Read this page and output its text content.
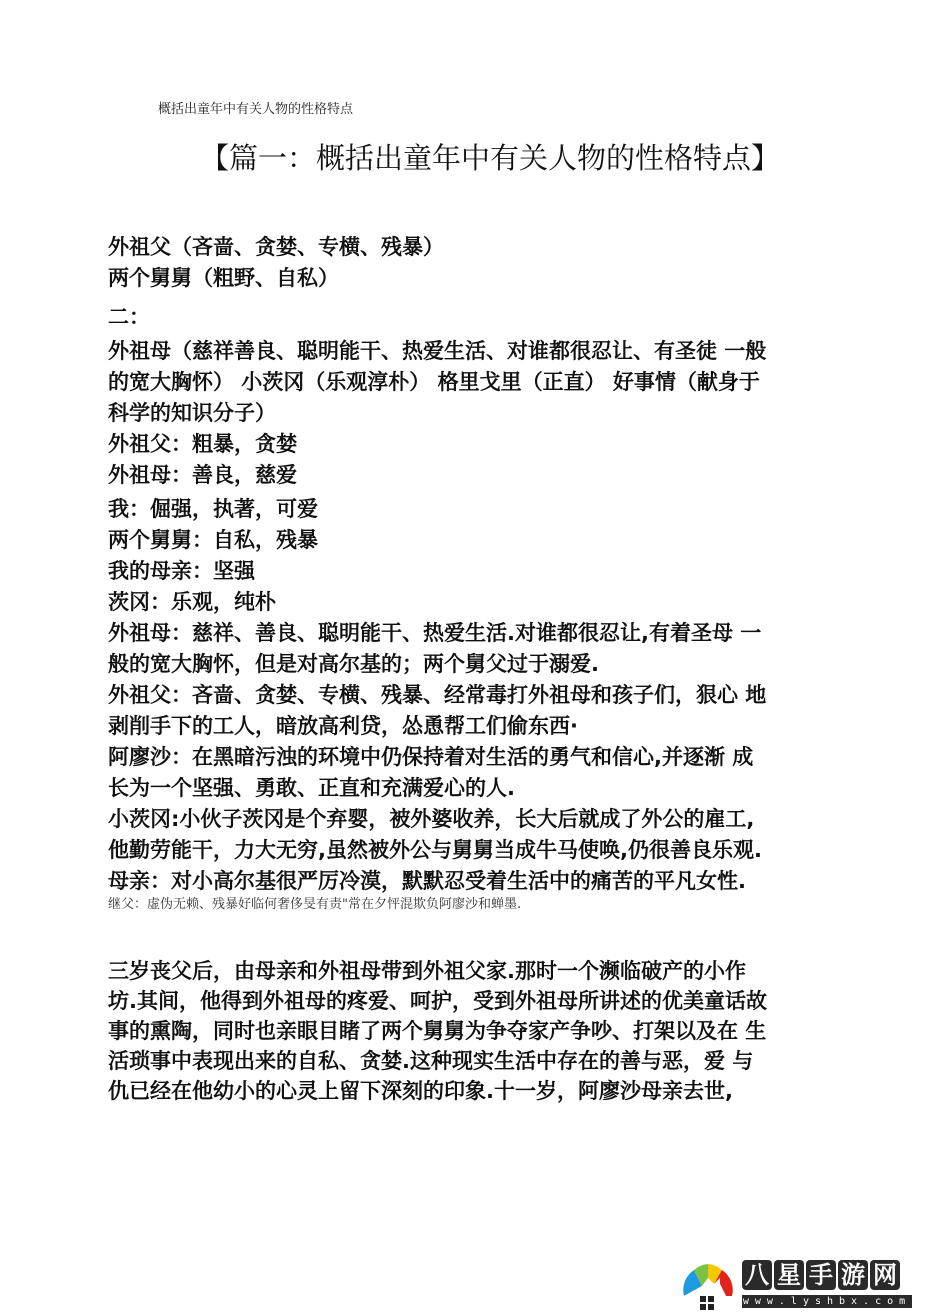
概括出童年中有关人物的性格特点
【篇一：概括出童年中有关人物的性格特点】
外祖父（吝啬、贪婪、专横、残暴）
两个舅舅（粗野、自私）
二：
外祖母（慈祥善良、聪明能干、热爱生活、对谁都很忍让、有圣徒 一般
的宽大胸怀） 小茨冈（乐观淳朴） 格里戈里（正直） 好事情（献身于
科学的知识分子）
外祖父：粗暴，贪婪
外祖母：善良，慈爱
我：倔强，执著，可爱
两个舅舅：自私，残暴
我的母亲：坚强
茨冈：乐观，纯朴
外祖母：慈祥、善良、聪明能干、热爱生活.对谁都很忍让,有着圣母 一
般的宽大胸怀，但是对高尔基的；两个舅父过于溺爱.
外祖父：吝啬、贪婪、专横、残暴、经常毒打外祖母和孩子们，狠心 地
剥削手下的工人，暗放高利贷，怂恿帮工们偷东西·
阿廖沙：在黑暗污浊的环境中仍保持着对生活的勇气和信心,并逐渐 成
长为一个坚强、勇敢、正直和充满爱心的人.
小茨冈:小伙子茨冈是个弃婴，被外婆收养，长大后就成了外公的雇工,
他勤劳能干，力大无穷,虽然被外公与舅舅当成牛马使唤,仍很善良乐观.
母亲：对小高尔基很严厉冷漠，默默忍受着生活中的痛苦的平凡女性.
继父：虚伪无赖、残暴好临何奢侈旻有责"常在夕怦混欺负阿廖沙和蝉墨.
三岁丧父后，由母亲和外祖母带到外祖父家.那时一个濒临破产的小作
坊.其间，他得到外祖母的疼爱、呵护，受到外祖母所讲述的优美童话故
事的熏陶，同时也亲眼目睹了两个舅舅为争夺家产争吵、打架以及在 生
活琐事中表现出来的自私、贪婪.这种现实生活中存在的善与恶，爱 与
仇已经在他幼小的心灵上留下深刻的印象.十一岁，阿廖沙母亲去世,
八 星 手 游 网
www.lyshbx.com
